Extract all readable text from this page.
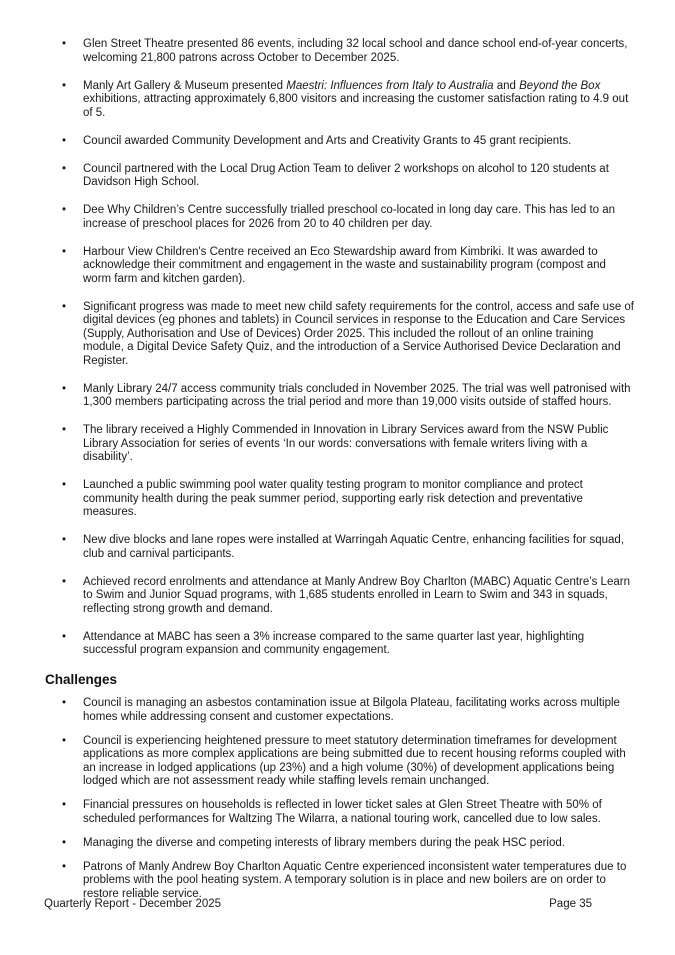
• Glen Street Theatre presented 86 events, including 32 local school and dance school end-of-year concerts, welcoming 21,800 patrons across October to December 2025.
• Manly Art Gallery & Museum presented Maestri: Influences from Italy to Australia and Beyond the Box exhibitions, attracting approximately 6,800 visitors and increasing the customer satisfaction rating to 4.9 out of 5.
• Council awarded Community Development and Arts and Creativity Grants to 45 grant recipients.
• Council partnered with the Local Drug Action Team to deliver 2 workshops on alcohol to 120 students at Davidson High School.
• Dee Why Children’s Centre successfully trialled preschool co-located in long day care. This has led to an increase of preschool places for 2026 from 20 to 40 children per day.
• Harbour View Children's Centre received an Eco Stewardship award from Kimbriki. It was awarded to acknowledge their commitment and engagement in the waste and sustainability program (compost and worm farm and kitchen garden).
• Significant progress was made to meet new child safety requirements for the control, access and safe use of digital devices (eg phones and tablets) in Council services in response to the Education and Care Services (Supply, Authorisation and Use of Devices) Order 2025. This included the rollout of an online training module, a Digital Device Safety Quiz, and the introduction of a Service Authorised Device Declaration and Register.
• Manly Library 24/7 access community trials concluded in November 2025. The trial was well patronised with 1,300 members participating across the trial period and more than 19,000 visits outside of staffed hours.
• The library received a Highly Commended in Innovation in Library Services award from the NSW Public Library Association for series of events ‘In our words: conversations with female writers living with a disability’.
• Launched a public swimming pool water quality testing program to monitor compliance and protect community health during the peak summer period, supporting early risk detection and preventative measures.
• New dive blocks and lane ropes were installed at Warringah Aquatic Centre, enhancing facilities for squad, club and carnival participants.
• Achieved record enrolments and attendance at Manly Andrew Boy Charlton (MABC) Aquatic Centre’s Learn to Swim and Junior Squad programs, with 1,685 students enrolled in Learn to Swim and 343 in squads, reflecting strong growth and demand.
• Attendance at MABC has seen a 3% increase compared to the same quarter last year, highlighting successful program expansion and community engagement.
Challenges
• Council is managing an asbestos contamination issue at Bilgola Plateau, facilitating works across multiple homes while addressing consent and customer expectations.
• Council is experiencing heightened pressure to meet statutory determination timeframes for development applications as more complex applications are being submitted due to recent housing reforms coupled with an increase in lodged applications (up 23%) and a high volume (30%) of development applications being lodged which are not assessment ready while staffing levels remain unchanged.
• Financial pressures on households is reflected in lower ticket sales at Glen Street Theatre with 50% of scheduled performances for Waltzing The Wilarra, a national touring work, cancelled due to low sales.
• Managing the diverse and competing interests of library members during the peak HSC period.
• Patrons of Manly Andrew Boy Charlton Aquatic Centre experienced inconsistent water temperatures due to problems with the pool heating system. A temporary solution is in place and new boilers are on order to restore reliable service.
Quarterly Report - December 2025	Page 35
